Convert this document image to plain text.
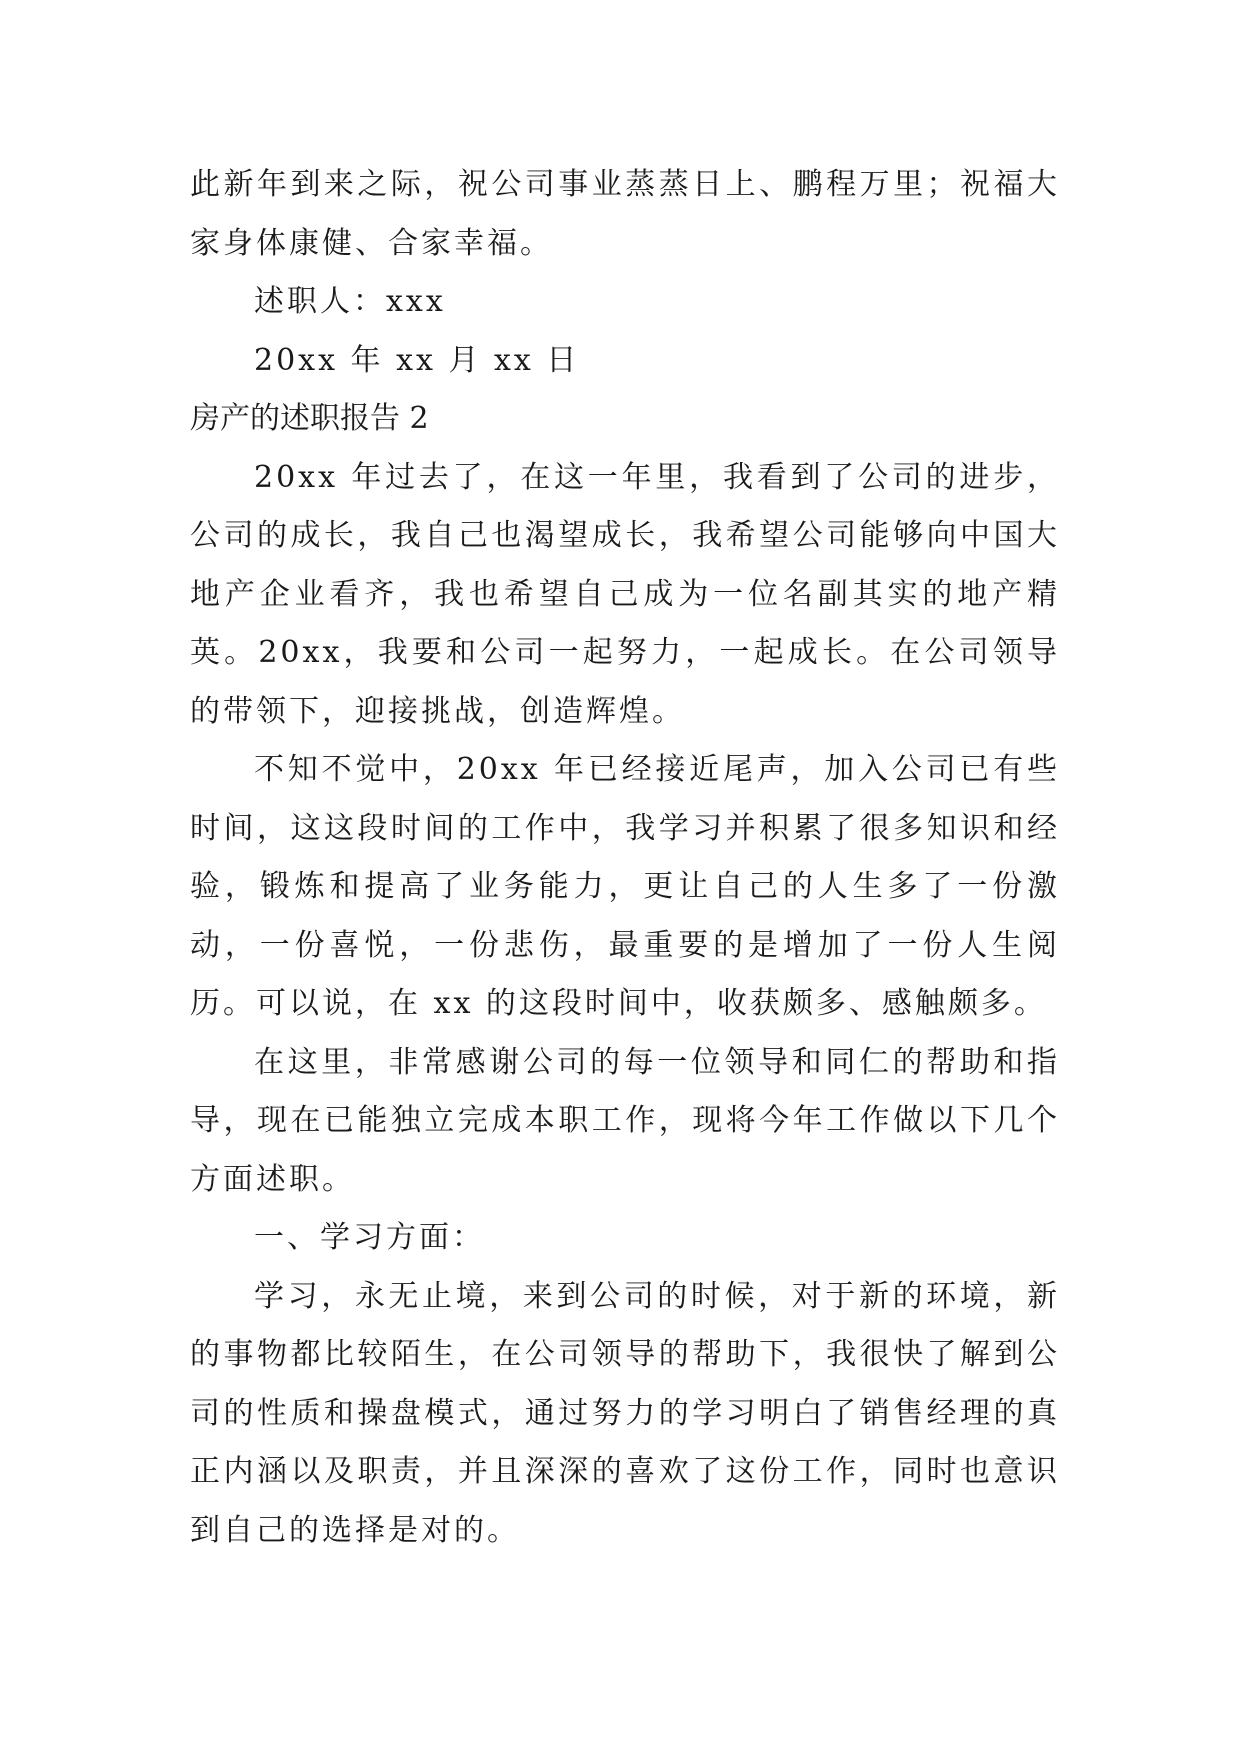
此新年到来之际，祝公司事业蒸蒸日上、鹏程万里；祝福大家身体康健、合家幸福。

述职人：xxx

20xx 年 xx 月 xx 日

房产的述职报告 2

20xx 年过去了，在这一年里，我看到了公司的进步，公司的成长，我自己也渴望成长，我希望公司能够向中国大地产企业看齐，我也希望自己成为一位名副其实的地产精英。20xx，我要和公司一起努力，一起成长。在公司领导的带领下，迎接挑战，创造辉煌。

不知不觉中，20xx 年已经接近尾声，加入公司已有些时间，这这段时间的工作中，我学习并积累了很多知识和经验，锻炼和提高了业务能力，更让自己的人生多了一份激动，一份喜悦，一份悲伤，最重要的是增加了一份人生阅历。可以说，在 xx 的这段时间中，收获颇多、感触颇多。

在这里，非常感谢公司的每一位领导和同仁的帮助和指导，现在已能独立完成本职工作，现将今年工作做以下几个方面述职。

一、学习方面：

学习，永无止境，来到公司的时候，对于新的环境，新的事物都比较陌生，在公司领导的帮助下，我很快了解到公司的性质和操盘模式，通过努力的学习明白了销售经理的真正内涵以及职责，并且深深的喜欢了这份工作，同时也意识到自己的选择是对的。
